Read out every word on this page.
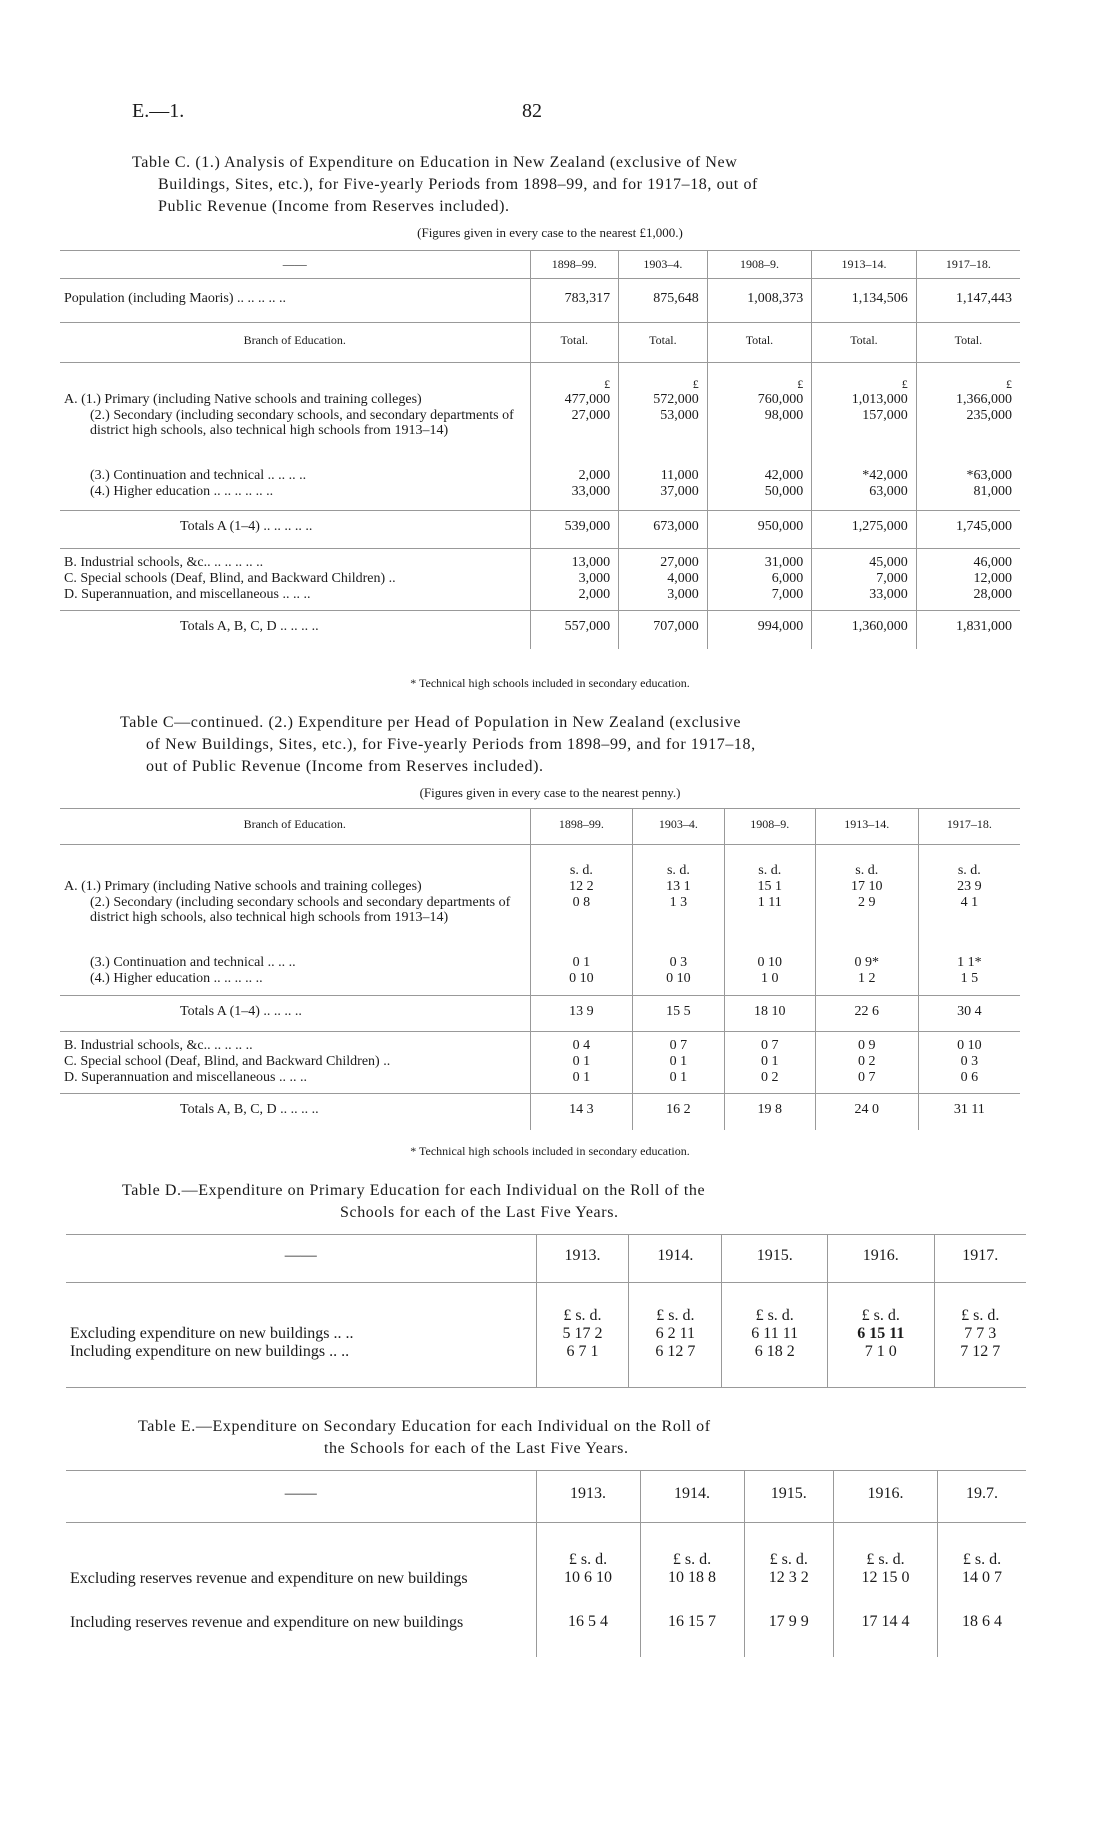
E.—1.	82
Table C. (1.) Analysis of Expenditure on Education in New Zealand (exclusive of New
Buildings, Sites, etc.), for Five-yearly Periods from 1898–99, and for 1917–18, out of
Public Revenue (Income from Reserves included).
(Figures given in every case to the nearest £1,000.)
——	1898–99.	1903–4.	1908–9.	1913–14.	1917–18.
Population (including Maoris) .. .. .. .. ..	783,317	875,648	1,008,373	1,134,506	1,147,443
Branch of Education.	Total.	Total.	Total.	Total.	Total.
	£	£	£	£	£
A. (1.) Primary (including Native schools and training colleges)	477,000	572,000	760,000	1,013,000	1,366,000
(2.) Secondary (including secondary schools, and secondary departments of district high schools, also technical high schools from 1913–14)	27,000	53,000	98,000	157,000	235,000
(3.) Continuation and technical .. .. .. ..	2,000	11,000	42,000	*42,000	*63,000
(4.) Higher education .. .. .. .. .. ..	33,000	37,000	50,000	63,000	81,000
Totals A (1–4) .. .. .. .. ..	539,000	673,000	950,000	1,275,000	1,745,000
B. Industrial schools, &c.. .. .. .. .. ..	13,000	27,000	31,000	45,000	46,000
C. Special schools (Deaf, Blind, and Backward Children) ..	3,000	4,000	6,000	7,000	12,000
D. Superannuation, and miscellaneous .. .. ..	2,000	3,000	7,000	33,000	28,000
Totals A, B, C, D .. .. .. ..	557,000	707,000	994,000	1,360,000	1,831,000
* Technical high schools included in secondary education.
Table C—continued. (2.) Expenditure per Head of Population in New Zealand (exclusive
of New Buildings, Sites, etc.), for Five-yearly Periods from 1898–99, and for 1917–18,
out of Public Revenue (Income from Reserves included).
(Figures given in every case to the nearest penny.)
Branch of Education.	1898–99.	1903–4.	1908–9.	1913–14.	1917–18.
	s. d.	s. d.	s. d.	s. d.	s. d.
A. (1.) Primary (including Native schools and training colleges)	12 2	13 1	15 1	17 10	23 9
(2.) Secondary (including secondary schools and secondary departments of district high schools, also technical high schools from 1913–14)	0 8	1 3	1 11	2 9	4 1
(3.) Continuation and technical .. .. ..	0 1	0 3	0 10	0 9*	1 1*
(4.) Higher education .. .. .. .. ..	0 10	0 10	1 0	1 2	1 5
Totals A (1–4) .. .. .. ..	13 9	15 5	18 10	22 6	30 4
B. Industrial schools, &c.. .. .. .. ..	0 4	0 7	0 7	0 9	0 10
C. Special school (Deaf, Blind, and Backward Children) ..	0 1	0 1	0 1	0 2	0 3
D. Superannuation and miscellaneous .. .. ..	0 1	0 1	0 2	0 7	0 6
Totals A, B, C, D .. .. .. ..	14 3	16 2	19 8	24 0	31 11
* Technical high schools included in secondary education.
Table D.—Expenditure on Primary Education for each Individual on the Roll of the
Schools for each of the Last Five Years.
——	1913.	1914.	1915.	1916.	1917.
	£ s. d.	£ s. d.	£ s. d.	£ s. d.	£ s. d.
Excluding expenditure on new buildings .. ..	5 17 2	6 2 11	6 11 11	6 15 11	7 7 3
Including expenditure on new buildings .. ..	6 7 1	6 12 7	6 18 2	7 1 0	7 12 7

Table E.—Expenditure on Secondary Education for each Individual on the Roll of
the Schools for each of the Last Five Years.
——	1913.	1914.	1915.	1916.	19.7.
	£ s. d.	£ s. d.	£ s. d.	£ s. d.	£ s. d.
Excluding reserves revenue and expenditure on new buildings	10 6 10	10 18 8	12 3 2	12 15 0	14 0 7
Including reserves revenue and expenditure on new buildings	16 5 4	16 15 7	17 9 9	17 14 4	18 6 4
